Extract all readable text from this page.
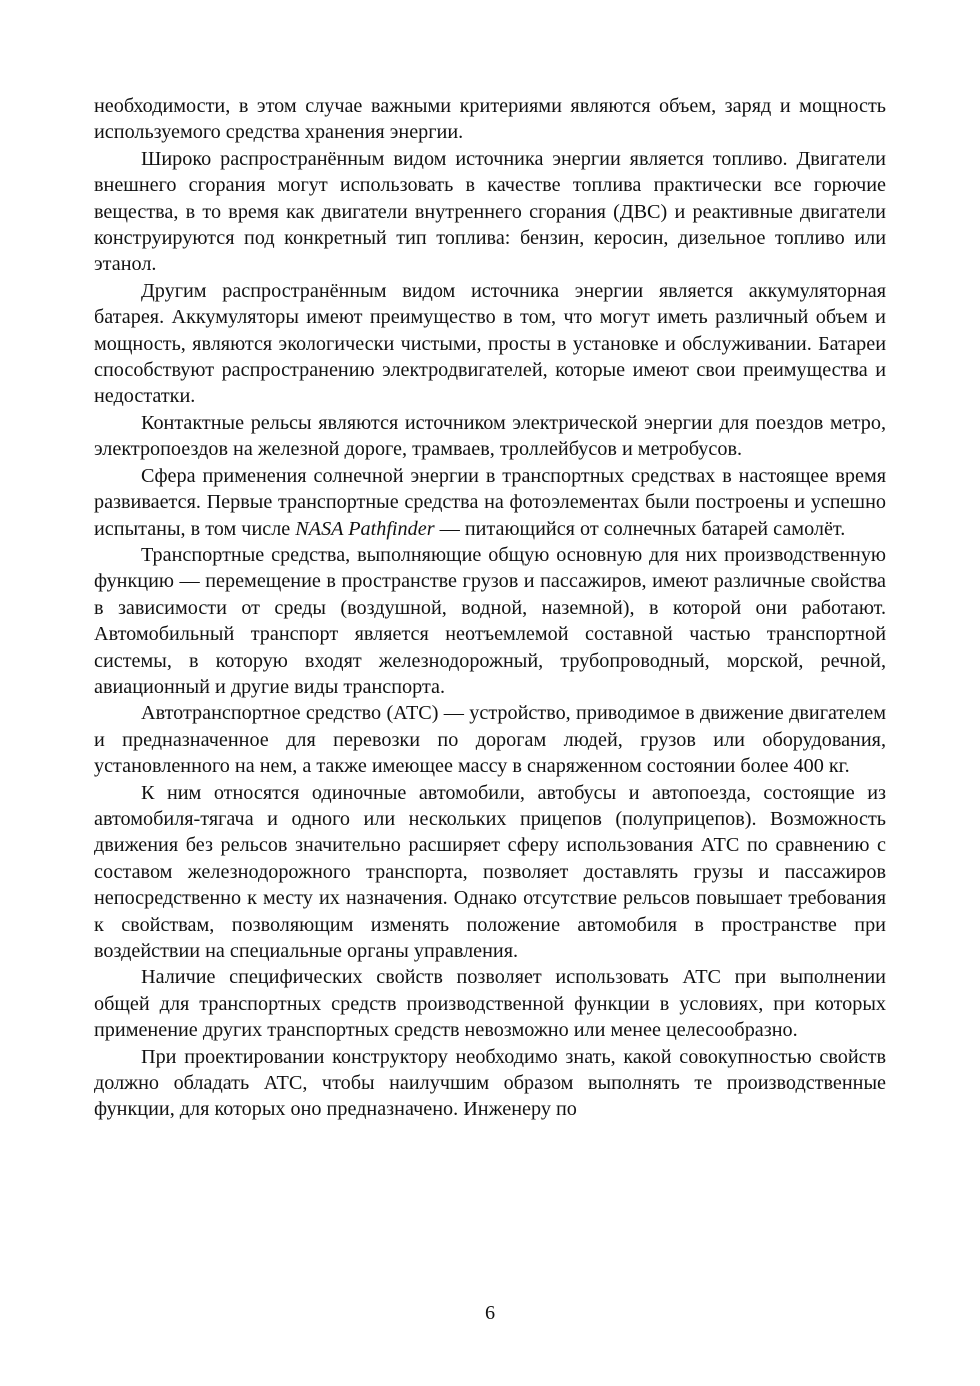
необходимости, в этом случае важными критериями являются объем, заряд и мощность используемого средства хранения энергии.

Широко распространённым видом источника энергии является топливо. Двигатели внешнего сгорания могут использовать в качестве топлива практически все горючие вещества, в то время как двигатели внутреннего сгорания (ДВС) и реактивные двигатели конструируются под конкретный тип топлива: бензин, керосин, дизельное топливо или этанол.

Другим распространённым видом источника энергии является аккумуляторная батарея. Аккумуляторы имеют преимущество в том, что могут иметь различный объем и мощность, являются экологически чистыми, просты в установке и обслуживании. Батареи способствуют распространению электродвигателей, которые имеют свои преимущества и недостатки.

Контактные рельсы являются источником электрической энергии для поездов метро, электропоездов на железной дороге, трамваев, троллейбусов и метробусов.

Сфера применения солнечной энергии в транспортных средствах в настоящее время развивается. Первые транспортные средства на фотоэлементах были построены и успешно испытаны, в том числе NASA Pathfinder — питающийся от солнечных батарей самолёт.

Транспортные средства, выполняющие общую основную для них производственную функцию — перемещение в пространстве грузов и пассажиров, имеют различные свойства в зависимости от среды (воздушной, водной, наземной), в которой они работают. Автомобильный транспорт является неотъемлемой составной частью транспортной системы, в которую входят железнодорожный, трубопроводный, морской, речной, авиационный и другие виды транспорта.

Автотранспортное средство (АТС) — устройство, приводимое в движение двигателем и предназначенное для перевозки по дорогам людей, грузов или оборудования, установленного на нем, а также имеющее массу в снаряженном состоянии более 400 кг.

К ним относятся одиночные автомобили, автобусы и автопоезда, состоящие из автомобиля-тягача и одного или нескольких прицепов (полуприцепов). Возможность движения без рельсов значительно расширяет сферу использования АТС по сравнению с составом железнодорожного транспорта, позволяет доставлять грузы и пассажиров непосредственно к месту их назначения. Однако отсутствие рельсов повышает требования к свойствам, позволяющим изменять положение автомобиля в пространстве при воздействии на специальные органы управления.

Наличие специфических свойств позволяет использовать АТС при выполнении общей для транспортных средств производственной функции в условиях, при которых применение других транспортных средств невозможно или менее целесообразно.

При проектировании конструктору необходимо знать, какой совокупностью свойств должно обладать АТС, чтобы наилучшим образом выполнять те производственные функции, для которых оно предназначено. Инженеру по

6
